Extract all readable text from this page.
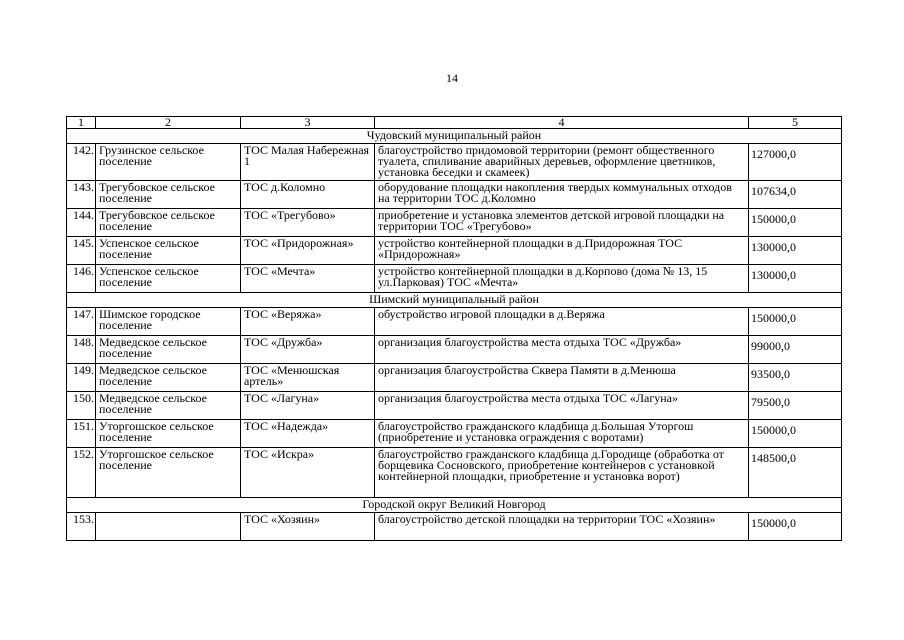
14
1	2	3	4	5
Чудовский муниципальный район				
142.	Грузинское сельское поселение	ТОС Малая Набережная 1	благоустройство придомовой территории (ремонт общественного туалета, спиливание аварийных деревьев, оформление цветников, установка беседки и скамеек)	127000,0
143.	Трегубовское сельское поселение	ТОС д.Коломно	оборудование площадки накопления твердых коммунальных отходов на территории ТОС д.Коломно	107634,0
144.	Трегубовское сельское поселение	ТОС «Трегубово»	приобретение и установка элементов детской игровой площадки на территории ТОС «Трегубово»	150000,0
145.	Успенское сельское поселение	ТОС «Придорожная»	устройство контейнерной площадки в д.Придорожная ТОС «Придорожная»	130000,0
146.	Успенское сельское поселение	ТОС «Мечта»	устройство контейнерной площадки в д.Корпово (дома № 13, 15 ул.Парковая) ТОС «Мечта»	130000,0
Шимский муниципальный район				
147.	Шимское городское поселение	ТОС «Веряжа»	обустройство игровой площадки в д.Веряжа	150000,0
148.	Медведское сельское поселение	ТОС «Дружба»	организация благоустройства места отдыха ТОС «Дружба»	99000,0
149.	Медведское сельское поселение	ТОС «Менюшская артель»	организация благоустройства Сквера Памяти в д.Менюша	93500,0
150.	Медведское сельское поселение	ТОС «Лагуна»	организация благоустройства места отдыха ТОС «Лагуна»	79500,0
151.	Уторгошское сельское поселение	ТОС «Надежда»	благоустройство гражданского кладбища д.Большая Уторгош (приобретение и установка ограждения с воротами)	150000,0
152.	Уторгошское сельское поселение	ТОС «Искра»	благоустройство гражданского кладбища д.Городище (обработка от борщевика Сосновского, приобретение контейнеров с установкой контейнерной площадки, приобретение и установка ворот)	148500,0
Городской округ Великий Новгород				
153.		ТОС «Хозяин»	благоустройство детской площадки на территории ТОС «Хозяин»	150000,0
